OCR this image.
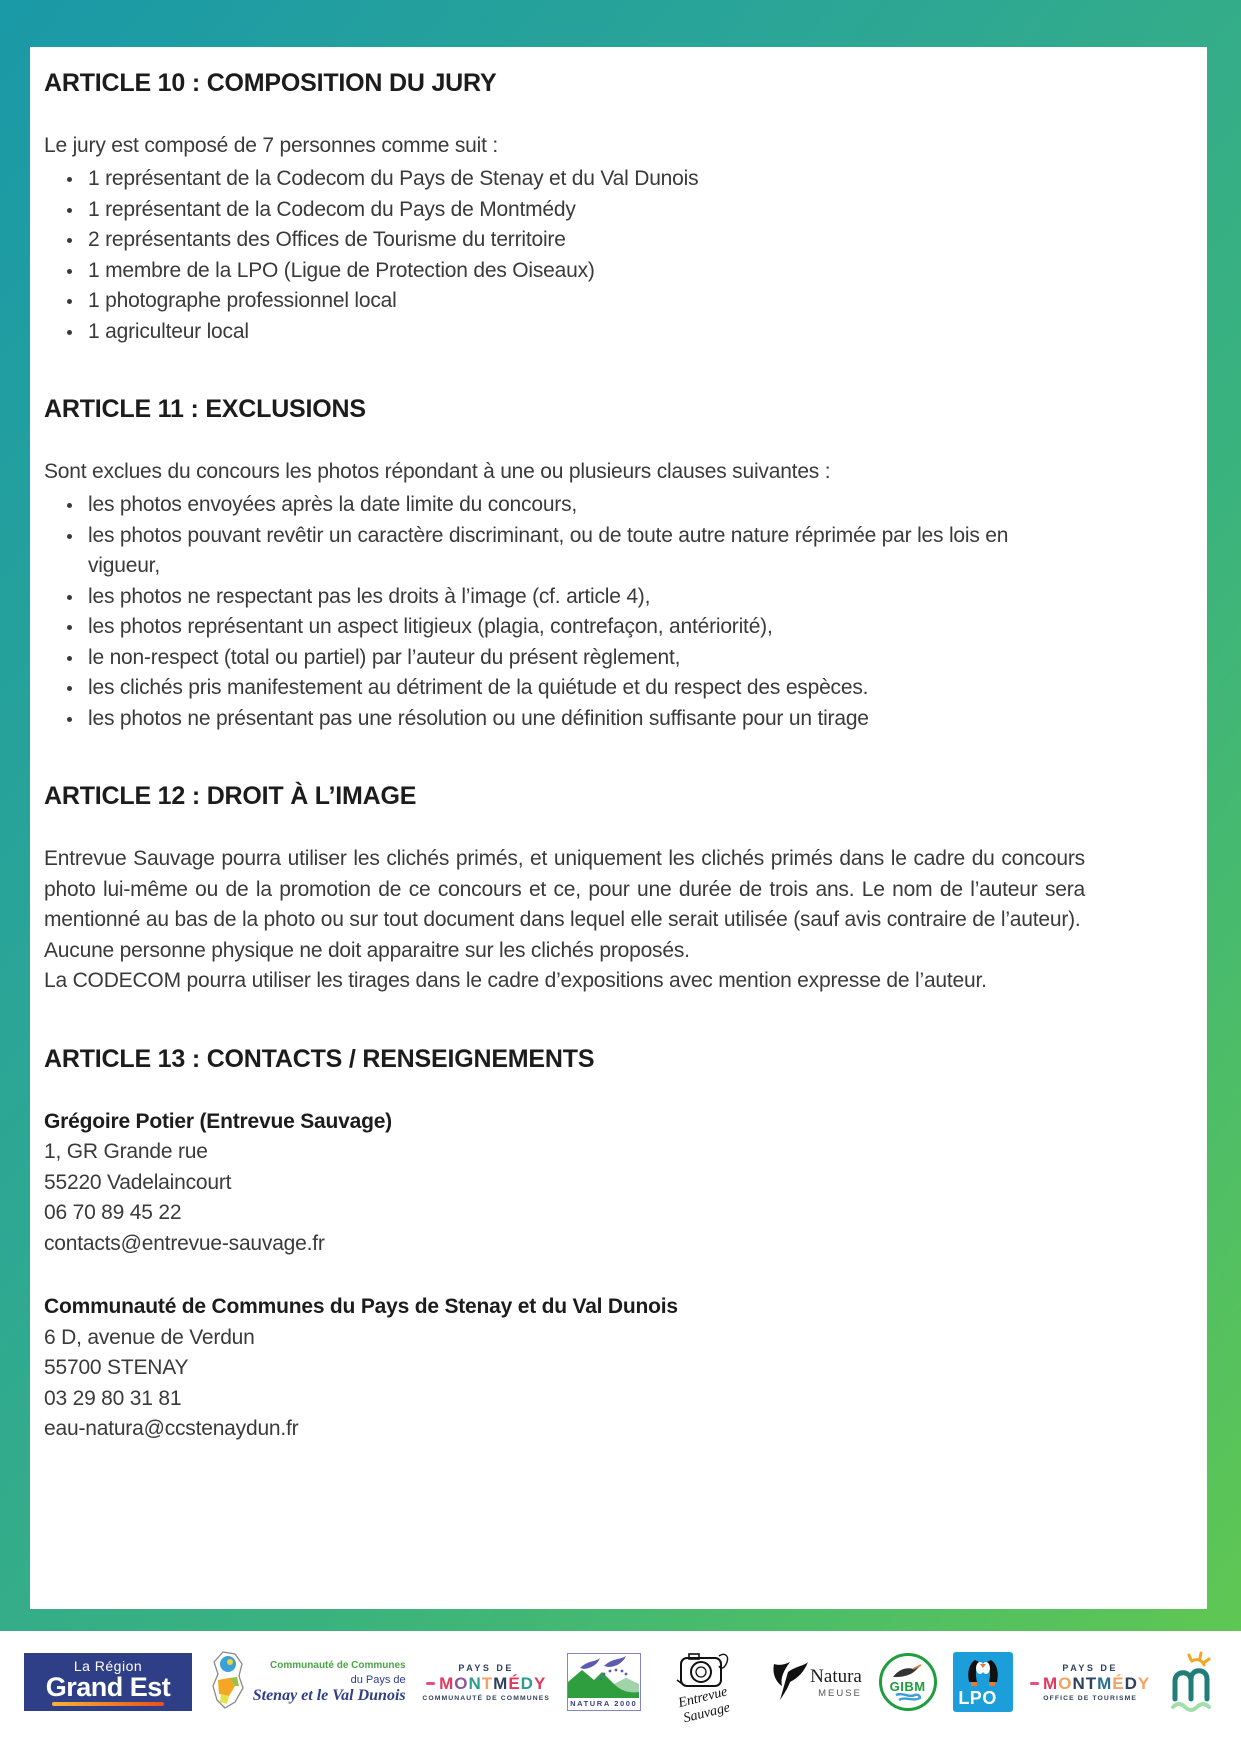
ARTICLE 10 : COMPOSITION DU JURY

Le jury est composé de 7 personnes comme suit :

• 1 représentant de la Codecom du Pays de Stenay et du Val Dunois
• 1 représentant de la Codecom du Pays de Montmédy
• 2 représentants des Offices de Tourisme du territoire
• 1 membre de la LPO (Ligue de Protection des Oiseaux)
• 1 photographe professionnel local
• 1 agriculteur local
ARTICLE 11 : EXCLUSIONS

Sont exclues du concours les photos répondant à une ou plusieurs clauses suivantes :

• les photos envoyées après la date limite du concours,
• les photos pouvant revêtir un caractère discriminant, ou de toute autre nature réprimée par les lois en vigueur,
• les photos ne respectant pas les droits à l’image (cf. article 4),
• les photos représentant un aspect litigieux (plagia, contrefaçon, antériorité),
• le non-respect (total ou partiel) par l’auteur du présent règlement,
• les clichés pris manifestement au détriment de la quiétude et du respect des espèces.
• les photos ne présentant pas une résolution ou une définition suffisante pour un tirage
ARTICLE 12 : DROIT À L’IMAGE

Entrevue Sauvage pourra utiliser les clichés primés, et uniquement les clichés primés dans le cadre du concours photo lui-même ou de la promotion de ce concours et ce, pour une durée de trois ans. Le nom de l’auteur sera mentionné au bas de la photo ou sur tout document dans lequel elle serait utilisée (sauf avis contraire de l’auteur).

Aucune personne physique ne doit apparaitre sur les clichés proposés.

La CODECOM pourra utiliser les tirages dans le cadre d’expositions avec mention expresse de l’auteur.

ARTICLE 13 : CONTACTS / RENSEIGNEMENTS

Grégoire Potier (Entrevue Sauvage)

1, GR Grande rue

55220 Vadelaincourt

06 70 89 45 22

contacts@entrevue-sauvage.fr

Communauté de Communes du Pays de Stenay et du Val Dunois

6 D, avenue de Verdun

55700 STENAY

03 29 80 31 81

eau-natura@ccstenaydun.fr

La Région
Grand Est
Communauté de Communes
du Pays de
Stenay et le Val Dunois
PAYS DE
MONTMÉDY
COMMUNAUTÉ DE COMMUNES
NATURA 2000	Entrevue Sauvage
Natura
MEUSE GIBM
LPO
PAYS DE
MONTMÉDY
OFFICE DE TOURISME
